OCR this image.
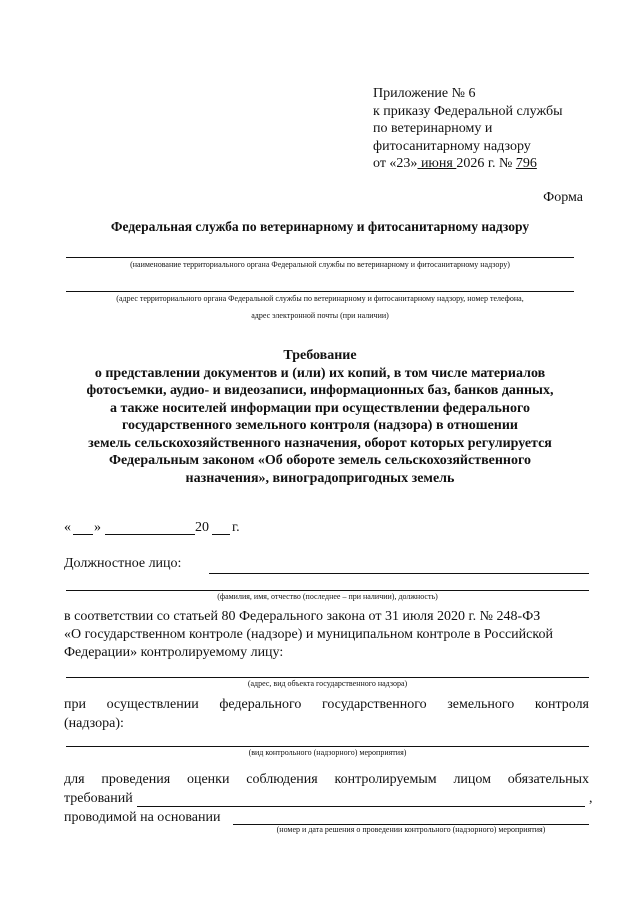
Приложение № 6
к приказу Федеральной службы
по ветеринарному и
фитосанитарному надзору
от «23» июня 2026 г. № 796
Форма
Федеральная служба по ветеринарному и фитосанитарному надзору
(наименование территориального органа Федеральной службы по ветеринарному и фитосанитарному надзору)
(адрес территориального органа Федеральной службы по ветеринарному и фитосанитарному надзору, номер телефона,
адрес электронной почты (при наличии)
Требование
о представлении документов и (или) их копий, в том числе материалов
фотосъемки, аудио- и видеозаписи, информационных баз, банков данных,
а также носителей информации при осуществлении федерального
государственного земельного контроля (надзора) в отношении
земель сельскохозяйственного назначения, оборот которых регулируется
Федеральным законом «Об обороте земель сельскохозяйственного
назначения», виноградопригодных земель
« »	20 г.
Должностное лицо:
(фамилия, имя, отчество (последнее – при наличии), должность)
в соответствии со статьей 80 Федерального закона от 31 июля 2020 г. № 248-ФЗ
«О государственном контроле (надзоре) и муниципальном контроле в Российской
Федерации» контролируемому лицу:
(адрес, вид объекта государственного надзора)
при осуществлении федерального государственного земельного контроля
(надзора):
(вид контрольного (надзорного) мероприятия)
для проведения оценки соблюдения контролируемым лицом обязательных
требований	,
проводимой на основании
(номер и дата решения о проведении контрольного (надзорного) мероприятия)
